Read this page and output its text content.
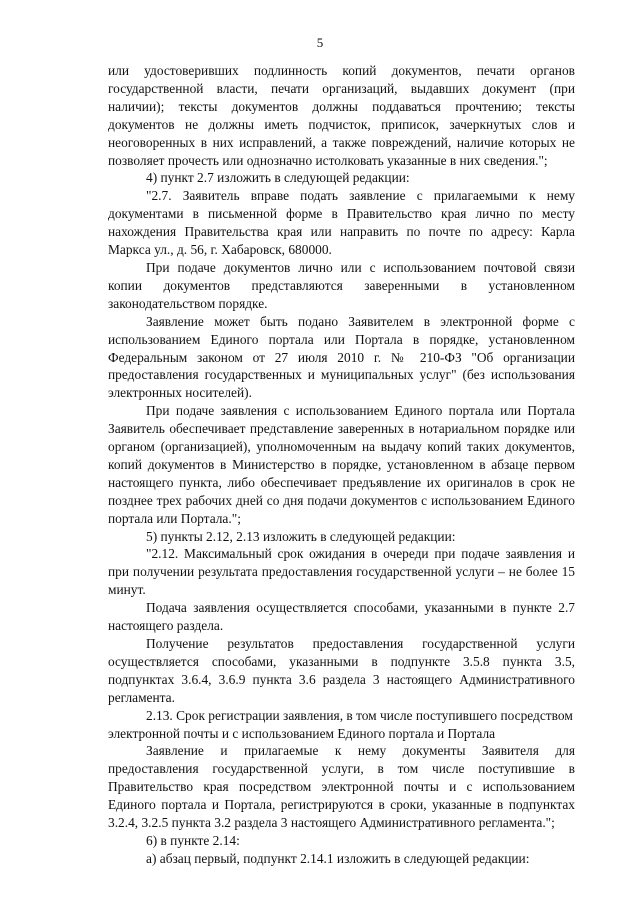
5

или удостоверивших подлинность копий документов, печати органов государственной власти, печати организаций, выдавших документ (при наличии); тексты документов должны поддаваться прочтению; тексты документов не должны иметь подчисток, приписок, зачеркнутых слов и неоговоренных в них исправлений, а также повреждений, наличие которых не позволяет прочесть или однозначно истолковать указанные в них сведения.";

4) пункт 2.7 изложить в следующей редакции:

"2.7. Заявитель вправе подать заявление с прилагаемыми к нему документами в письменной форме в Правительство края лично по месту нахождения Правительства края или направить по почте по адресу: Карла Маркса ул., д. 56, г. Хабаровск, 680000.

При подаче документов лично или с использованием почтовой связи копии документов представляются заверенными в установленном законодательством порядке.

Заявление может быть подано Заявителем в электронной форме с использованием Единого портала или Портала в порядке, установленном Федеральным законом от 27 июля 2010 г. № 210-ФЗ "Об организации предоставления государственных и муниципальных услуг" (без использования электронных носителей).

При подаче заявления с использованием Единого портала или Портала Заявитель обеспечивает представление заверенных в нотариальном порядке или органом (организацией), уполномоченным на выдачу копий таких документов, копий документов в Министерство в порядке, установленном в абзаце первом настоящего пункта, либо обеспечивает предъявление их оригиналов в срок не позднее трех рабочих дней со дня подачи документов с использованием Единого портала или Портала.";

5) пункты 2.12, 2.13 изложить в следующей редакции:

"2.12. Максимальный срок ожидания в очереди при подаче заявления и при получении результата предоставления государственной услуги – не более 15 минут.

Подача заявления осуществляется способами, указанными в пункте 2.7 настоящего раздела.

Получение результатов предоставления государственной услуги осуществляется способами, указанными в подпункте 3.5.8 пункта 3.5, подпунктах 3.6.4, 3.6.9 пункта 3.6 раздела 3 настоящего Административного регламента.

2.13. Срок регистрации заявления, в том числе поступившего посредством электронной почты и с использованием Единого портала и Портала

Заявление и прилагаемые к нему документы Заявителя для предоставления государственной услуги, в том числе поступившие в Правительство края посредством электронной почты и с использованием Единого портала и Портала, регистрируются в сроки, указанные в подпунктах 3.2.4, 3.2.5 пункта 3.2 раздела 3 настоящего Административного регламента.";

6) в пункте 2.14:

а) абзац первый, подпункт 2.14.1 изложить в следующей редакции:
